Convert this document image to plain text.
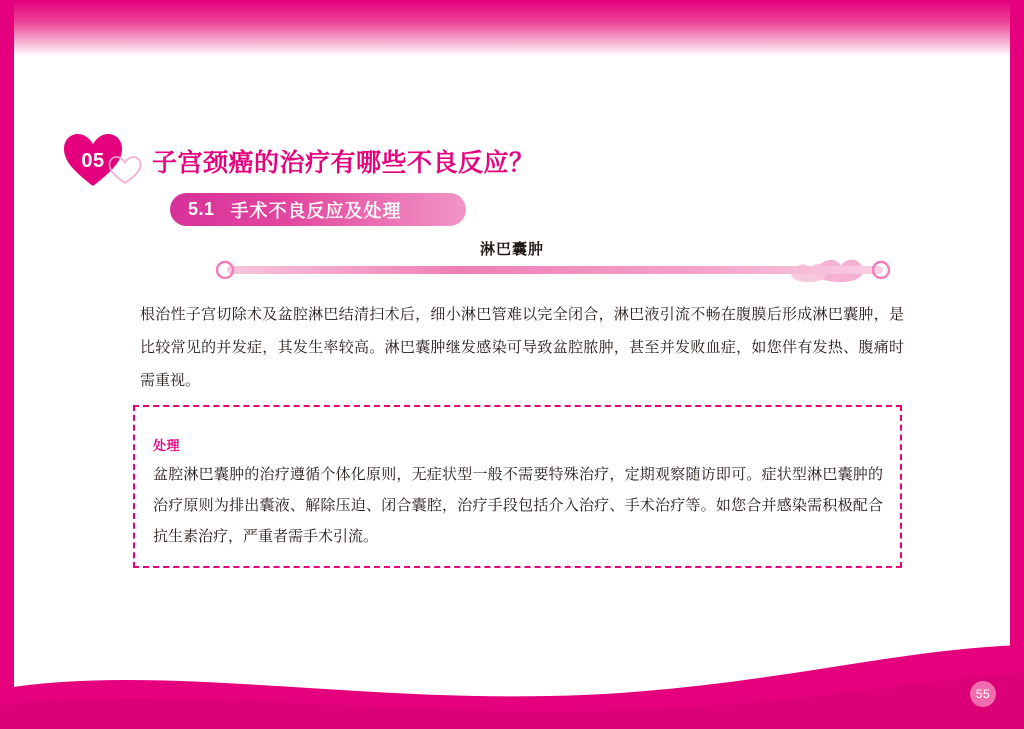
05	子宫颈癌的治疗有哪些不良反应？
5.1 手术不良反应及处理
淋巴囊肿
根治性子宫切除术及盆腔淋巴结清扫术后，细小淋巴管难以完全闭合，淋巴液引流不畅在腹膜后形成淋巴囊肿，是比较常见的并发症，其发生率较高。淋巴囊肿继发感染可导致盆腔脓肿，甚至并发败血症，如您伴有发热、腹痛时需重视。
处理
盆腔淋巴囊肿的治疗遵循个体化原则，无症状型一般不需要特殊治疗，定期观察随访即可。症状型淋巴囊肿的治疗原则为排出囊液、解除压迫、闭合囊腔，治疗手段包括介入治疗、手术治疗等。如您合并感染需积极配合抗生素治疗，严重者需手术引流。
55
